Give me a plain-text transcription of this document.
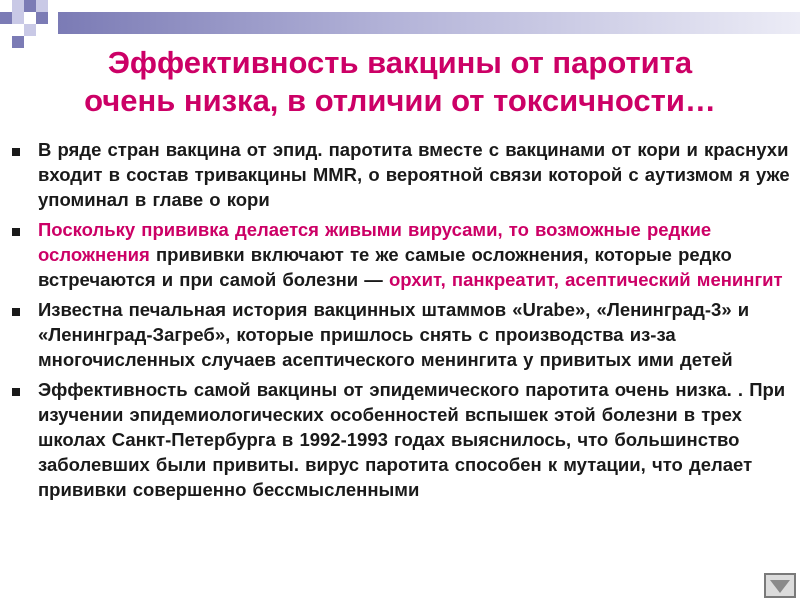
Эффективность вакцины от паротита
очень низка, в отличии от токсичности…
В ряде стран вакцина от эпид. паротита вместе с вакцинами от кори и краснухи входит в состав тривакцины MMR, о вероятной связи которой с аутизмом я уже упоминал в главе о кори
Поскольку прививка делается живыми вирусами, то возможные редкие осложнения прививки включают те же самые осложнения, которые редко встречаются и при самой болезни — орхит, панкреатит, асептический менингит
Известна печальная история вакцинных штаммов «Urabe», «Ленинград-3» и «Ленинград-Загреб», которые пришлось снять с производства из-за многочисленных случаев асептического менингита у привитых ими детей
Эффективность самой вакцины от эпидемического паротита очень низка. . При изучении эпидемиологических особенностей вспышек этой болезни в трех школах Санкт-Петербурга в 1992-1993 годах выяснилось, что большинство заболевших были привиты. вирус паротита способен к мутации, что делает прививки совершенно бессмысленными
